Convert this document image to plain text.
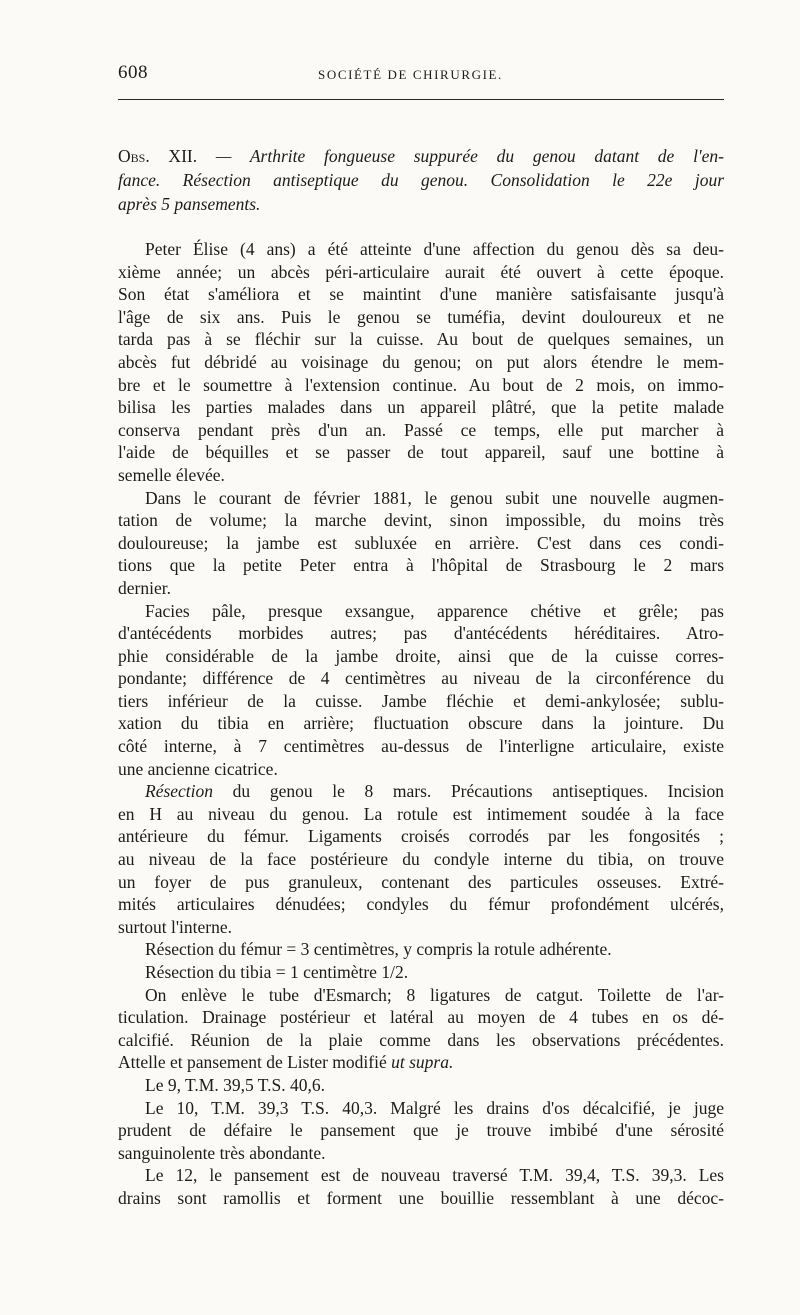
608	SOCIÉTÉ DE CHIRURGIE.
Obs. XII. — Arthrite fongueuse suppurée du genou datant de l'en-
fance. Résection antiseptique du genou. Consolidation le 22e jour
après 5 pansements.
Peter Élise (4 ans) a été atteinte d'une affection du genou dès sa deu-
xième année; un abcès péri-articulaire aurait été ouvert à cette époque.
Son état s'améliora et se maintint d'une manière satisfaisante jusqu'à
l'âge de six ans. Puis le genou se tuméfia, devint douloureux et ne
tarda pas à se fléchir sur la cuisse. Au bout de quelques semaines, un
abcès fut débridé au voisinage du genou; on put alors étendre le mem-
bre et le soumettre à l'extension continue. Au bout de 2 mois, on immo-
bilisa les parties malades dans un appareil plâtré, que la petite malade
conserva pendant près d'un an. Passé ce temps, elle put marcher à
l'aide de béquilles et se passer de tout appareil, sauf une bottine à
semelle élevée.
Dans le courant de février 1881, le genou subit une nouvelle augmen-
tation de volume; la marche devint, sinon impossible, du moins très
douloureuse; la jambe est subluxée en arrière. C'est dans ces condi-
tions que la petite Peter entra à l'hôpital de Strasbourg le 2 mars
dernier.
Facies pâle, presque exsangue, apparence chétive et grêle; pas
d'antécédents morbides autres; pas d'antécédents héréditaires. Atro-
phie considérable de la jambe droite, ainsi que de la cuisse corres-
pondante; différence de 4 centimètres au niveau de la circonférence du
tiers inférieur de la cuisse. Jambe fléchie et demi-ankylosée; sublu-
xation du tibia en arrière; fluctuation obscure dans la jointure. Du
côté interne, à 7 centimètres au-dessus de l'interligne articulaire, existe
une ancienne cicatrice.
Résection du genou le 8 mars. Précautions antiseptiques. Incision
en H au niveau du genou. La rotule est intimement soudée à la face
antérieure du fémur. Ligaments croisés corrodés par les fongosités ;
au niveau de la face postérieure du condyle interne du tibia, on trouve
un foyer de pus granuleux, contenant des particules osseuses. Extré-
mités articulaires dénudées; condyles du fémur profondément ulcérés,
surtout l'interne.
Résection du fémur = 3 centimètres, y compris la rotule adhérente.
Résection du tibia = 1 centimètre 1/2.
On enlève le tube d'Esmarch; 8 ligatures de catgut. Toilette de l'ar-
ticulation. Drainage postérieur et latéral au moyen de 4 tubes en os dé-
calcifié. Réunion de la plaie comme dans les observations précédentes.
Attelle et pansement de Lister modifié ut supra.
Le 9, T.M. 39,5 T.S. 40,6.
Le 10, T.M. 39,3 T.S. 40,3. Malgré les drains d'os décalcifié, je juge
prudent de défaire le pansement que je trouve imbibé d'une sérosité
sanguinolente très abondante.
Le 12, le pansement est de nouveau traversé T.M. 39,4, T.S. 39,3. Les
drains sont ramollis et forment une bouillie ressemblant à une décoc-
